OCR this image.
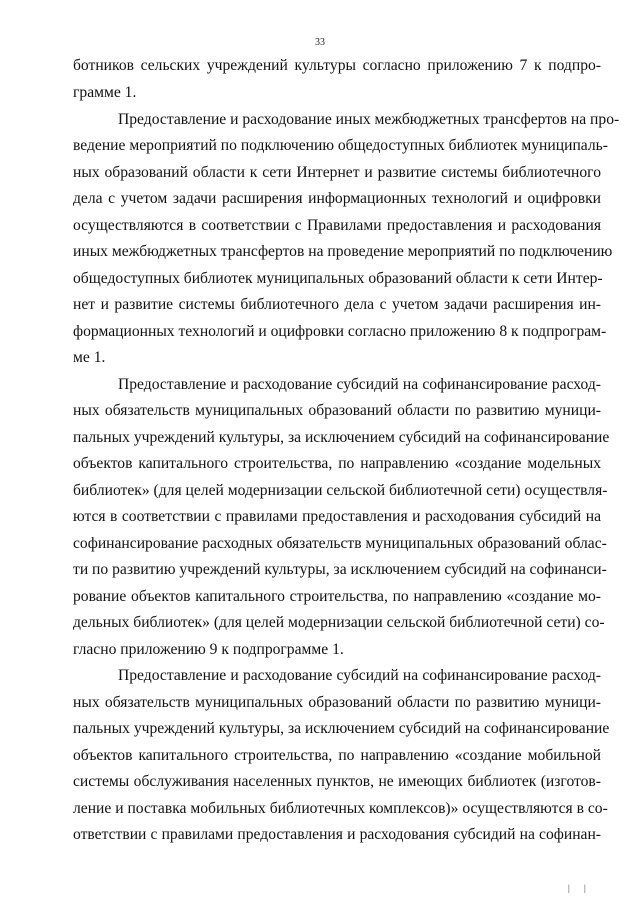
33
ботников сельских учреждений культуры согласно приложению 7 к подпро-
грамме 1.
Предоставление и расходование иных межбюджетных трансфертов на про-
ведение мероприятий по подключению общедоступных библиотек муниципаль-
ных образований области к сети Интернет и развитие системы библиотечного
дела с учетом задачи расширения информационных технологий и оцифровки
осуществляются в соответствии с Правилами предоставления и расходования
иных межбюджетных трансфертов на проведение мероприятий по подключению
общедоступных библиотек муниципальных образований области к сети Интер-
нет и развитие системы библиотечного дела с учетом задачи расширения ин-
формационных технологий и оцифровки согласно приложению 8 к подпрограм-
ме 1.
Предоставление и расходование субсидий на софинансирование расход-
ных обязательств муниципальных образований области по развитию муници-
пальных учреждений культуры, за исключением субсидий на софинансирование
объектов капитального строительства, по направлению «создание модельных
библиотек» (для целей модернизации сельской библиотечной сети) осуществля-
ются в соответствии с правилами предоставления и расходования субсидий на
софинансирование расходных обязательств муниципальных образований облас-
ти по развитию учреждений культуры, за исключением субсидий на софинанси-
рование объектов капитального строительства, по направлению «создание мо-
дельных библиотек» (для целей модернизации сельской библиотечной сети) со-
гласно приложению 9 к подпрограмме 1.
Предоставление и расходование субсидий на софинансирование расход-
ных обязательств муниципальных образований области по развитию муници-
пальных учреждений культуры, за исключением субсидий на софинансирование
объектов капитального строительства, по направлению «создание мобильной
системы обслуживания населенных пунктов, не имеющих библиотек (изготов-
ление и поставка мобильных библиотечных комплексов)» осуществляются в со-
ответствии с правилами предоставления и расходования субсидий на софинан-
| |
